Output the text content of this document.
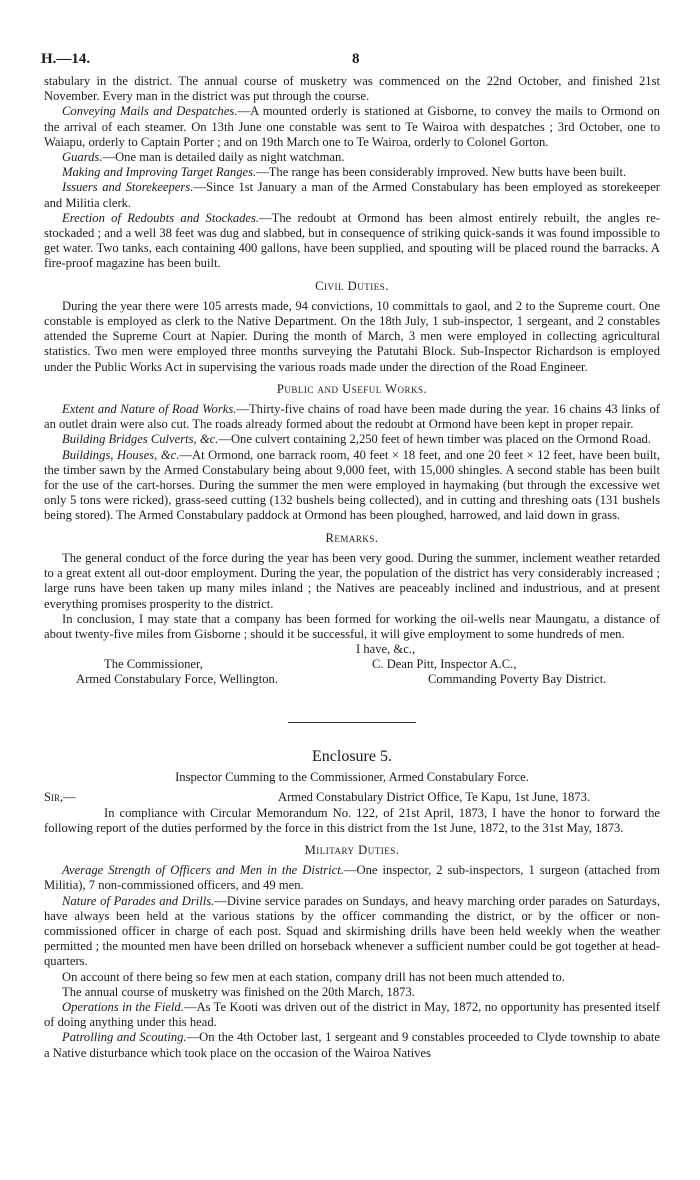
H.—14.	8

stabulary in the district. The annual course of musketry was commenced on the 22nd October, and finished 21st November. Every man in the district was put through the course.

Conveying Mails and Despatches.—A mounted orderly is stationed at Gisborne, to convey the mails to Ormond on the arrival of each steamer. On 13th June one constable was sent to Te Wairoa with despatches ; 3rd October, one to Waiapu, orderly to Captain Porter ; and on 19th March one to Te Wairoa, orderly to Colonel Gorton.

Guards.—One man is detailed daily as night watchman.

Making and Improving Target Ranges.—The range has been considerably improved. New butts have been built.

Issuers and Storekeepers.—Since 1st January a man of the Armed Constabulary has been employed as storekeeper and Militia clerk.

Erection of Redoubts and Stockades.—The redoubt at Ormond has been almost entirely rebuilt, the angles re-stockaded ; and a well 38 feet was dug and slabbed, but in consequence of striking quick-sands it was found impossible to get water. Two tanks, each containing 400 gallons, have been supplied, and spouting will be placed round the barracks. A fire-proof magazine has been built.

Civil Duties.

During the year there were 105 arrests made, 94 convictions, 10 committals to gaol, and 2 to the Supreme court. One constable is employed as clerk to the Native Department. On the 18th July, 1 sub-inspector, 1 sergeant, and 2 constables attended the Supreme Court at Napier. During the month of March, 3 men were employed in collecting agricultural statistics. Two men were employed three months surveying the Patutahi Block. Sub-Inspector Richardson is employed under the Public Works Act in supervising the various roads made under the direction of the Road Engineer.

Public and Useful Works.

Extent and Nature of Road Works.—Thirty-five chains of road have been made during the year. 16 chains 43 links of an outlet drain were also cut. The roads already formed about the redoubt at Ormond have been kept in proper repair.

Building Bridges Culverts, &c.—One culvert containing 2,250 feet of hewn timber was placed on the Ormond Road.

Buildings, Houses, &c.—At Ormond, one barrack room, 40 feet × 18 feet, and one 20 feet × 12 feet, have been built, the timber sawn by the Armed Constabulary being about 9,000 feet, with 15,000 shingles. A second stable has been built for the use of the cart-horses. During the summer the men were employed in haymaking (but through the excessive wet only 5 tons were ricked), grass-seed cutting (132 bushels being collected), and in cutting and threshing oats (131 bushels being stored). The Armed Constabulary paddock at Ormond has been ploughed, harrowed, and laid down in grass.

Remarks.

The general conduct of the force during the year has been very good. During the summer, inclement weather retarded to a great extent all out-door employment. During the year, the population of the district has very considerably increased ; large runs have been taken up many miles inland ; the Natives are peaceably inclined and industrious, and at present everything promises prosperity to the district.

In conclusion, I may state that a company has been formed for working the oil-wells near Maungatu, a distance of about twenty-five miles from Gisborne ; should it be successful, it will give employment to some hundreds of men.

I have, &c.,
C. Dean Pitt, Inspector A.C.,
Commanding Poverty Bay District.
The Commissioner,
Armed Constabulary Force, Wellington.
Enclosure 5.
Inspector Cumming to the Commissioner, Armed Constabulary Force.
Sir,—	Armed Constabulary District Office, Te Kapu, 1st June, 1873.

In compliance with Circular Memorandum No. 122, of 21st April, 1873, I have the honor to forward the following report of the duties performed by the force in this district from the 1st June, 1872, to the 31st May, 1873.

Military Duties.

Average Strength of Officers and Men in the District.—One inspector, 2 sub-inspectors, 1 surgeon (attached from Militia), 7 non-commissioned officers, and 49 men.

Nature of Parades and Drills.—Divine service parades on Sundays, and heavy marching order parades on Saturdays, have always been held at the various stations by the officer commanding the district, or by the officer or non-commissioned officer in charge of each post. Squad and skirmishing drills have been held weekly when the weather permitted ; the mounted men have been drilled on horseback whenever a sufficient number could be got together at head-quarters.

On account of there being so few men at each station, company drill has not been much attended to.

The annual course of musketry was finished on the 20th March, 1873.

Operations in the Field.—As Te Kooti was driven out of the district in May, 1872, no opportunity has presented itself of doing anything under this head.

Patrolling and Scouting.—On the 4th October last, 1 sergeant and 9 constables proceeded to Clyde township to abate a Native disturbance which took place on the occasion of the Wairoa Natives
